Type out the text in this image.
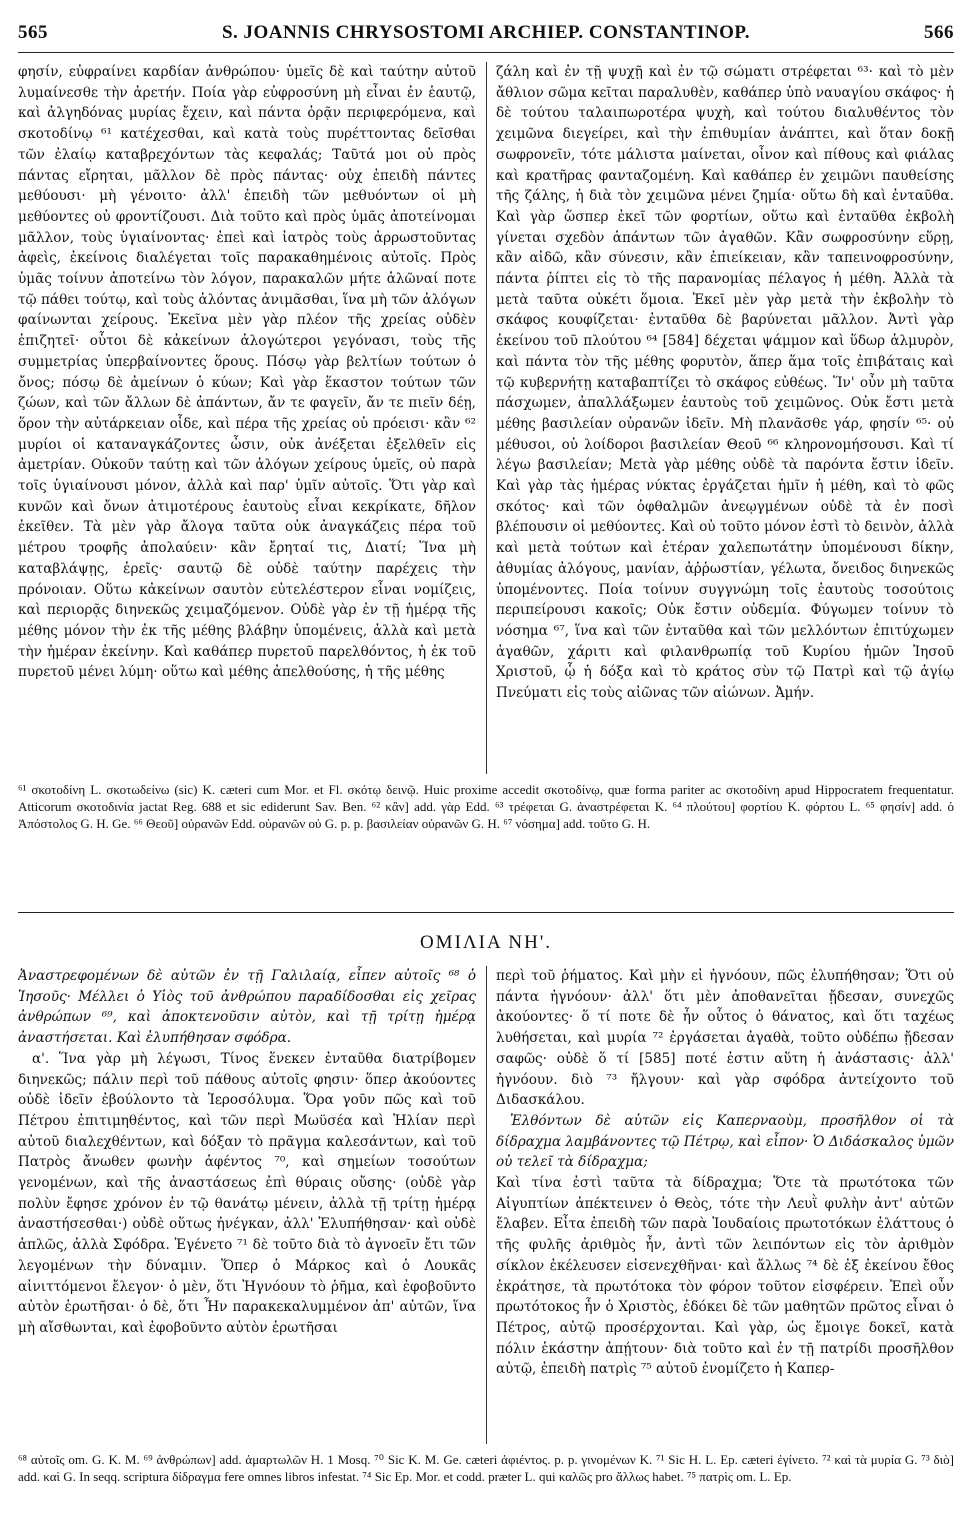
565	S. JOANNIS CHRYSOSTOMI ARCHIEP. CONSTANTINOP.	566

φησίν, εὐφραίνει καρδίαν ἀνθρώπου· ὑμεῖς δὲ καὶ ταύτην αὐτοῦ λυμαίνεσθε τὴν ἀρετήν. Ποία γὰρ εὐφροσύνη μὴ εἶναι ἐν ἑαυτῷ, καὶ ἀλγηδόνας μυρίας ἔχειν, καὶ πάντα ὁρᾷν περιφερόμενα, καὶ σκοτοδίνῳ ⁶¹ κατέχεσθαι, καὶ κατὰ τοὺς πυρέττοντας δεῖσθαι τῶν ἐλαίῳ καταβρεχόντων τὰς κεφαλάς; Ταῦτά μοι οὐ πρὸς πάντας εἴρηται, μᾶλλον δὲ πρὸς πάντας· οὐχ ἐπειδὴ πάντες μεθύουσι· μὴ γένοιτο· ἀλλ' ἐπειδὴ τῶν μεθυόντων οἱ μὴ μεθύοντες οὐ φροντίζουσι. Διὰ τοῦτο καὶ πρὸς ὑμᾶς ἀποτείνομαι μᾶλλον, τοὺς ὑγιαίνοντας· ἐπεὶ καὶ ἰατρὸς τοὺς ἀρρωστοῦντας ἀφεὶς, ἐκείνοις διαλέγεται τοῖς παρακαθημένοις αὐτοῖς. Πρὸς ὑμᾶς τοίνυν ἀποτείνω τὸν λόγον, παρακαλῶν μήτε ἁλῶναί ποτε τῷ πάθει τούτῳ, καὶ τοὺς ἁλόντας ἀνιμᾶσθαι, ἵνα μὴ τῶν ἀλόγων φαίνωνται χείρους. Ἐκεῖνα μὲν γὰρ πλέον τῆς χρείας οὐδὲν ἐπιζητεῖ· οὗτοι δὲ κἀκείνων ἀλογώτεροι γεγόνασι, τοὺς τῆς συμμετρίας ὑπερβαίνοντες ὅρους. Πόσῳ γὰρ βελτίων τούτων ὁ ὄνος; πόσῳ δὲ ἀμείνων ὁ κύων; Καὶ γὰρ ἕκαστον τούτων τῶν ζώων, καὶ τῶν ἄλλων δὲ ἁπάντων, ἄν τε φαγεῖν, ἄν τε πιεῖν δέῃ, ὅρον τὴν αὐτάρκειαν οἶδε, καὶ πέρα τῆς χρείας οὐ πρόεισι· κἂν ⁶² μυρίοι οἱ καταναγκάζοντες ὦσιν, οὐκ ἀνέξεται ἐξελθεῖν εἰς ἀμετρίαν. Οὐκοῦν ταύτῃ καὶ τῶν ἀλόγων χείρους ὑμεῖς, οὐ παρὰ τοῖς ὑγιαίνουσι μόνον, ἀλλὰ καὶ παρ' ὑμῖν αὐτοῖς. Ὅτι γὰρ καὶ κυνῶν καὶ ὄνων ἀτιμοτέρους ἑαυτοὺς εἶναι κεκρίκατε, δῆλον ἐκεῖθεν. Τὰ μὲν γὰρ ἄλογα ταῦτα οὐκ ἀναγκάζεις πέρα τοῦ μέτρου τροφῆς ἀπολαύειν· κἂν ἔρηταί τις, Διατί; Ἵνα μὴ καταβλάψῃς, ἐρεῖς· σαυτῷ δὲ οὐδὲ ταύτην παρέχεις τὴν πρόνοιαν. Οὕτω κἀκείνων σαυτὸν εὐτελέστερον εἶναι νομίζεις, καὶ περιορᾷς διηνεκῶς χειμαζόμενον. Οὐδὲ γὰρ ἐν τῇ ἡμέρᾳ τῆς μέθης μόνον τὴν ἐκ τῆς μέθης βλάβην ὑπομένεις, ἀλλὰ καὶ μετὰ τὴν ἡμέραν ἐκείνην. Καὶ καθάπερ πυρετοῦ παρελθόντος, ἡ ἐκ τοῦ πυρετοῦ μένει λύμη· οὕτω καὶ μέθης ἀπελθούσης, ἡ τῆς μέθης

ζάλη καὶ ἐν τῇ ψυχῇ καὶ ἐν τῷ σώματι στρέφεται ⁶³· καὶ τὸ μὲν ἄθλιον σῶμα κεῖται παραλυθὲν, καθάπερ ὑπὸ ναυαγίου σκάφος· ἡ δὲ τούτου ταλαιπωροτέρα ψυχὴ, καὶ τούτου διαλυθέντος τὸν χειμῶνα διεγείρει, καὶ τὴν ἐπιθυμίαν ἀνάπτει, καὶ ὅταν δοκῇ σωφρονεῖν, τότε μάλιστα μαίνεται, οἶνον καὶ πίθους καὶ φιάλας καὶ κρατῆρας φανταζομένη. Καὶ καθάπερ ἐν χειμῶνι παυθείσης τῆς ζάλης, ἡ διὰ τὸν χειμῶνα μένει ζημία· οὕτω δὴ καὶ ἐνταῦθα. Καὶ γὰρ ὥσπερ ἐκεῖ τῶν φορτίων, οὕτω καὶ ἐνταῦθα ἐκβολὴ γίνεται σχεδὸν ἁπάντων τῶν ἀγαθῶν. Κἂν σωφροσύνην εὕρῃ, κἂν αἰδῶ, κἂν σύνεσιν, κἂν ἐπιείκειαν, κἂν ταπεινοφροσύνην, πάντα ῥίπτει εἰς τὸ τῆς παρανομίας πέλαγος ἡ μέθη. Ἀλλὰ τὰ μετὰ ταῦτα οὐκέτι ὅμοια. Ἐκεῖ μὲν γὰρ μετὰ τὴν ἐκβολὴν τὸ σκάφος κουφίζεται· ἐνταῦθα δὲ βαρύνεται μᾶλλον. Ἀντὶ γὰρ ἐκείνου τοῦ πλούτου ⁶⁴ [584] δέχεται ψάμμον καὶ ὕδωρ ἁλμυρὸν, καὶ πάντα τὸν τῆς μέθης φορυτὸν, ἅπερ ἅμα τοῖς ἐπιβάταις καὶ τῷ κυβερνήτῃ καταβαπτίζει τὸ σκάφος εὐθέως. Ἵν' οὖν μὴ ταῦτα πάσχωμεν, ἀπαλλάξωμεν ἑαυτοὺς τοῦ χειμῶνος. Οὐκ ἔστι μετὰ μέθης βασιλείαν οὐρανῶν ἰδεῖν. Μὴ πλανᾶσθε γάρ, φησίν ⁶⁵· οὐ μέθυσοι, οὐ λοίδοροι βασιλείαν Θεοῦ ⁶⁶ κληρονομήσουσι. Καὶ τί λέγω βασιλείαν; Μετὰ γὰρ μέθης οὐδὲ τὰ παρόντα ἔστιν ἰδεῖν. Καὶ γὰρ τὰς ἡμέρας νύκτας ἐργάζεται ἡμῖν ἡ μέθη, καὶ τὸ φῶς σκότος· καὶ τῶν ὀφθαλμῶν ἀνεῳγμένων οὐδὲ τὰ ἐν ποσὶ βλέπουσιν οἱ μεθύοντες. Καὶ οὐ τοῦτο μόνον ἐστὶ τὸ δεινὸν, ἀλλὰ καὶ μετὰ τούτων καὶ ἑτέραν χαλεπωτάτην ὑπομένουσι δίκην, ἀθυμίας ἀλόγους, μανίαν, ἀῤῥωστίαν, γέλωτα, ὄνειδος διηνεκῶς ὑπομένοντες. Ποία τοίνυν συγγνώμη τοῖς ἑαυτοὺς τοσούτοις περιπείρουσι κακοῖς; Οὐκ ἔστιν οὐδεμία. Φύγωμεν τοίνυν τὸ νόσημα ⁶⁷, ἵνα καὶ τῶν ἐνταῦθα καὶ τῶν μελλόντων ἐπιτύχωμεν ἀγαθῶν, χάριτι καὶ φιλανθρωπίᾳ τοῦ Κυρίου ἡμῶν Ἰησοῦ Χριστοῦ, ᾧ ἡ δόξα καὶ τὸ κράτος σὺν τῷ Πατρὶ καὶ τῷ ἁγίῳ Πνεύματι εἰς τοὺς αἰῶνας τῶν αἰώνων. Ἀμήν.

⁶¹ σκοτοδίνη L. σκοτωδείνω (sic) K. cæteri cum Mor. et Fl. σκότῳ δεινῷ. Huic proxime accedit σκοτοδίνῳ, quæ forma pariter ac σκοτοδίνη apud Hippocratem frequentatur. Atticorum σκοτοδινία jactat Reg. 688 et sic ediderunt Sav. Ben. ⁶² κἂν] add. γὰρ Edd. ⁶³ τρέφεται G. ἀναστρέφεται K. ⁶⁴ πλούτου] φορτίου K. φόρτου L. ⁶⁵ φησίν] add. ὁ Ἀπόστολος G. H. Ge. ⁶⁶ Θεοῦ] οὐρανῶν Edd. οὐρανῶν οὐ G. p. p. βασιλείαν οὐρανῶν G. H. ⁶⁷ νόσημα] add. τοῦτο G. H.
ΟΜΙΛΙΑ ΝΗ'.

Ἀναστρεφομένων δὲ αὐτῶν ἐν τῇ Γαλιλαίᾳ, εἶπεν αὐτοῖς ⁶⁸ ὁ Ἰησοῦς· Μέλλει ὁ Υἱὸς τοῦ ἀνθρώπου παραδίδοσθαι εἰς χεῖρας ἀνθρώπων ⁶⁹, καὶ ἀποκτενοῦσιν αὐτὸν, καὶ τῇ τρίτῃ ἡμέρᾳ ἀναστήσεται. Καὶ ἐλυπήθησαν σφόδρα.

α'. Ἵνα γὰρ μὴ λέγωσι, Τίνος ἕνεκεν ἐνταῦθα διατρίβομεν διηνεκῶς; πάλιν περὶ τοῦ πάθους αὐτοῖς φησιν· ὅπερ ἀκούοντες οὐδὲ ἰδεῖν ἐβούλοντο τὰ Ἱεροσόλυμα. Ὅρα γοῦν πῶς καὶ τοῦ Πέτρου ἐπιτιμηθέντος, καὶ τῶν περὶ Μωϋσέα καὶ Ἠλίαν περὶ αὐτοῦ διαλεχθέντων, καὶ δόξαν τὸ πρᾶγμα καλεσάντων, καὶ τοῦ Πατρὸς ἄνωθεν φωνὴν ἀφέντος ⁷⁰, καὶ σημείων τοσούτων γενομένων, καὶ τῆς ἀναστάσεως ἐπὶ θύραις οὔσης· (οὐδὲ γὰρ πολὺν ἔφησε χρόνον ἐν τῷ θανάτῳ μένειν, ἀλλὰ τῇ τρίτῃ ἡμέρᾳ ἀναστήσεσθαι·) οὐδὲ οὕτως ἠνέγκαν, ἀλλ' Ἐλυπήθησαν· καὶ οὐδὲ ἁπλῶς, ἀλλὰ Σφόδρα. Ἐγένετο ⁷¹ δὲ τοῦτο διὰ τὸ ἀγνοεῖν ἔτι τῶν λεγομένων τὴν δύναμιν. Ὅπερ ὁ Μάρκος καὶ ὁ Λουκᾶς αἰνιττόμενοι ἔλεγον· ὁ μὲν, ὅτι Ἠγνόουν τὸ ῥῆμα, καὶ ἐφοβοῦντο αὐτὸν ἐρωτῆσαι· ὁ δὲ, ὅτι Ἦν παρακεκαλυμμένον ἀπ' αὐτῶν, ἵνα μὴ αἴσθωνται, καὶ ἐφοβοῦντο αὐτὸν ἐρωτῆσαι

περὶ τοῦ ῥήματος. Καὶ μὴν εἰ ἠγνόουν, πῶς ἐλυπήθησαν; Ὅτι οὐ πάντα ἠγνόουν· ἀλλ' ὅτι μὲν ἀποθανεῖται ᾔδεσαν, συνεχῶς ἀκούοντες· ὅ τί ποτε δὲ ἦν οὗτος ὁ θάνατος, καὶ ὅτι ταχέως λυθήσεται, καὶ μυρία ⁷² ἐργάσεται ἀγαθὰ, τοῦτο οὐδέπω ᾔδεσαν σαφῶς· οὐδὲ ὅ τί [585] ποτέ ἐστιν αὕτη ἡ ἀνάστασις· ἀλλ' ἠγνόουν. διὸ ⁷³ ἤλγουν· καὶ γὰρ σφόδρα ἀντείχοντο τοῦ Διδασκάλου.

Ἐλθόντων δὲ αὐτῶν εἰς Καπερναοὺμ, προσῆλθον οἱ τὰ δίδραχμα λαμβάνοντες τῷ Πέτρῳ, καὶ εἶπον· Ὁ Διδάσκαλος ὑμῶν οὐ τελεῖ τὰ δίδραχμα;

Καὶ τίνα ἐστὶ ταῦτα τὰ δίδραχμα; Ὅτε τὰ πρωτότοκα τῶν Αἰγυπτίων ἀπέκτεινεν ὁ Θεὸς, τότε τὴν Λευῒ φυλὴν ἀντ' αὐτῶν ἔλαβεν. Εἶτα ἐπειδὴ τῶν παρὰ Ἰουδαίοις πρωτοτόκων ἐλάττους ὁ τῆς φυλῆς ἀριθμὸς ἦν, ἀντὶ τῶν λειπόντων εἰς τὸν ἀριθμὸν σίκλον ἐκέλευσεν εἰσενεχθῆναι· καὶ ἄλλως ⁷⁴ δὲ ἐξ ἐκείνου ἔθος ἐκράτησε, τὰ πρωτότοκα τὸν φόρον τοῦτον εἰσφέρειν. Ἐπεὶ οὖν πρωτότοκος ἦν ὁ Χριστὸς, ἐδόκει δὲ τῶν μαθητῶν πρῶτος εἶναι ὁ Πέτρος, αὐτῷ προσέρχονται. Καὶ γὰρ, ὡς ἔμοιγε δοκεῖ, κατὰ πόλιν ἑκάστην ἀπῄτουν· διὰ τοῦτο καὶ ἐν τῇ πατρίδι προσῆλθον αὐτῷ, ἐπειδὴ πατρὶς ⁷⁵ αὐτοῦ ἐνομίζετο ἡ Καπερ-

⁶⁸ αὐτοῖς om. G. K. M. ⁶⁹ ἀνθρώπων] add. ἁμαρτωλῶν H. 1 Mosq. ⁷⁰ Sic K. M. Ge. cæteri ἀφιέντος. p. p. γινομένων K. ⁷¹ Sic H. L. Ep. cæteri ἐγίνετο. ⁷² καὶ τὰ μυρία G. ⁷³ διὸ] add. καὶ G. In seqq. scriptura δίδραγμα fere omnes libros infestat. ⁷⁴ Sic Ep. Mor. et codd. præter L. qui καλῶς pro ἄλλως habet. ⁷⁵ πατρὶς om. L. Ep.
